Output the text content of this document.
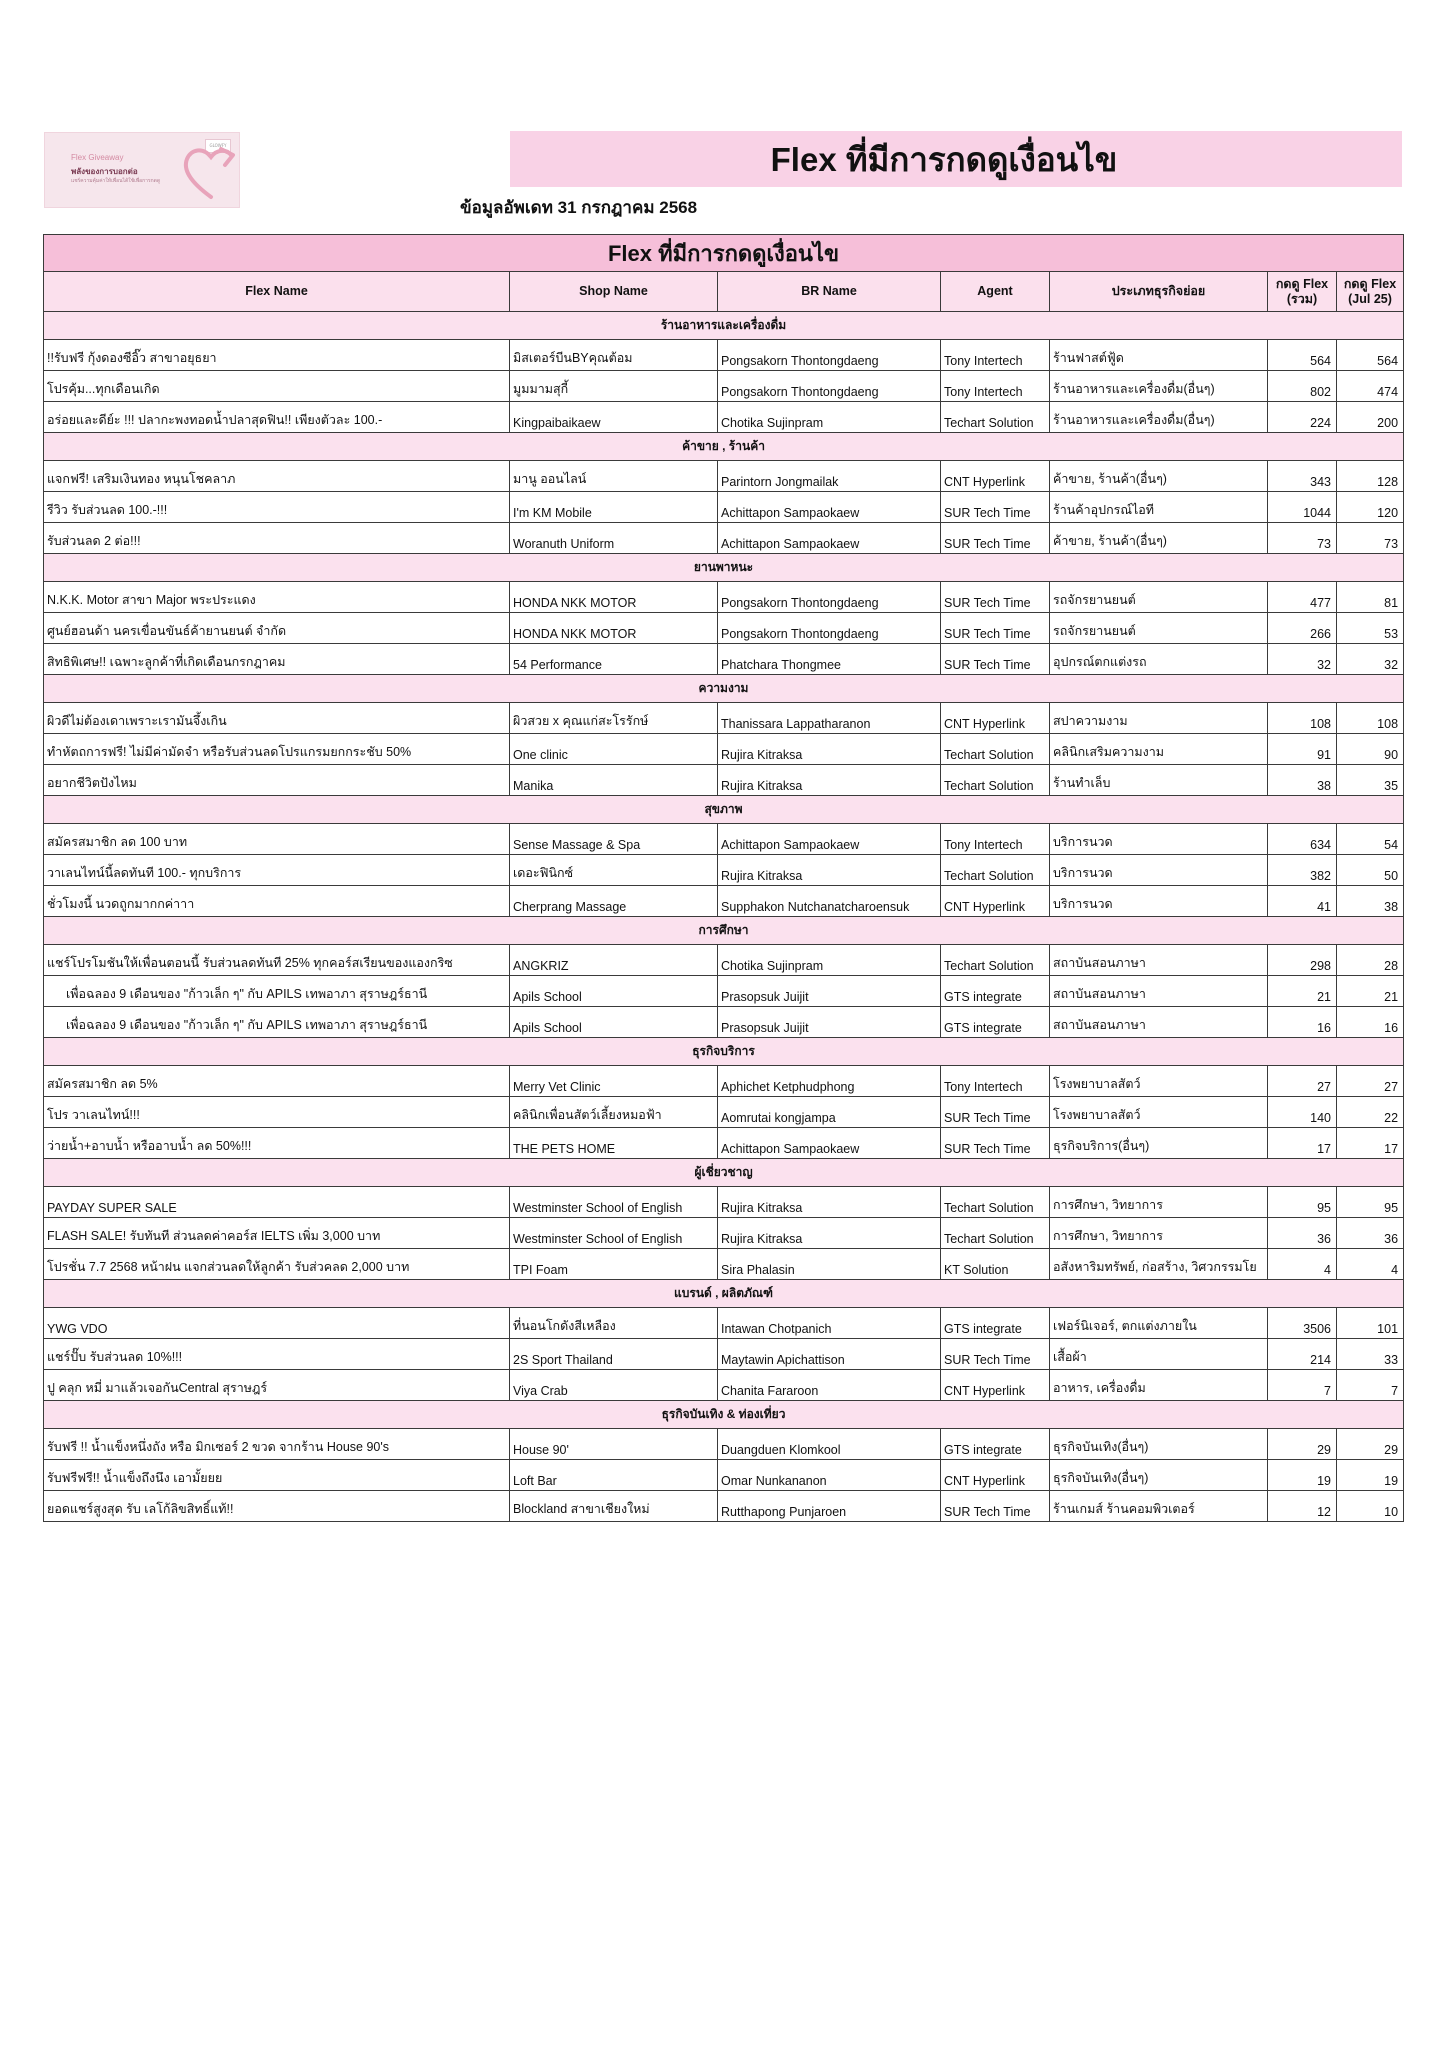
GLOWFY
Flex Giveaway
พลังของการบอกต่อ
แชร์ความคุ้มค่าให้เพื่อนได้ใช้เพื่อการกดดู
Flex ที่มีการกดดูเงื่อนไข
ข้อมูลอัพเดท 31 กรกฎาคม 2568
Flex ที่มีการกดดูเงื่อนไข						
Flex Name	Shop Name	BR Name	Agent	ประเภทธุรกิจย่อย	กดดู Flex (รวม)	กดดู Flex (Jul 25)
ร้านอาหารและเครื่องดื่ม						
!!รับฟรี กุ้งดองซีอิ๊ว สาขาอยุธยา	มิสเตอร์บีนBYคุณต้อม	Pongsakorn Thontongdaeng	Tony Intertech	ร้านฟาสต์ฟู้ด	564	564
โปรคุ้ม...ทุกเดือนเกิด	มูมมามสุกี้	Pongsakorn Thontongdaeng	Tony Intertech	ร้านอาหารและเครื่องดื่ม(อื่นๆ)	802	474
อร่อยและดีย์ะ !!! ปลากะพงทอดน้ำปลาสุดฟิน!! เพียงตัวละ 100.-	Kingpaibaikaew	Chotika Sujinpram	Techart Solution	ร้านอาหารและเครื่องดื่ม(อื่นๆ)	224	200
ค้าขาย , ร้านค้า						
แจกฟรี! เสริมเงินทอง หนุนโชคลาภ	มานู ออนไลน์	Parintorn Jongmailak	CNT Hyperlink	ค้าขาย, ร้านค้า(อื่นๆ)	343	128
รีวิว รับส่วนลด 100.-!!!	I'm KM Mobile	Achittapon Sampaokaew	SUR Tech Time	ร้านค้าอุปกรณ์ไอที	1044	120
รับส่วนลด 2 ต่อ!!!	Woranuth Uniform	Achittapon Sampaokaew	SUR Tech Time	ค้าขาย, ร้านค้า(อื่นๆ)	73	73
ยานพาหนะ						
N.K.K. Motor สาขา Major พระประแดง	HONDA NKK MOTOR	Pongsakorn Thontongdaeng	SUR Tech Time	รถจักรยานยนต์	477	81
ศูนย์ฮอนด้า นครเขื่อนขันธ์ค้ายานยนต์ จำกัด	HONDA NKK MOTOR	Pongsakorn Thontongdaeng	SUR Tech Time	รถจักรยานยนต์	266	53
สิทธิพิเศษ!! เฉพาะลูกค้าที่เกิดเดือนกรกฎาคม	54 Performance	Phatchara Thongmee	SUR Tech Time	อุปกรณ์ตกแต่งรถ	32	32
ความงาม						
ผิวดีไม่ต้องเดาเพราะเรามันจึ้งเกิน	ผิวสวย x คุณแก่สะโรรักษ์	Thanissara Lappatharanon	CNT Hyperlink	สปาความงาม	108	108
ทำหัตถการฟรี! ไม่มีค่ามัดจำ หรือรับส่วนลดโปรแกรมยกกระชับ 50%	One clinic	Rujira Kitraksa	Techart Solution	คลินิกเสริมความงาม	91	90
อยากชีวิตปังไหม	Manika	Rujira Kitraksa	Techart Solution	ร้านทำเล็บ	38	35
สุขภาพ						
สมัครสมาชิก ลด 100 บาท	Sense Massage & Spa	Achittapon Sampaokaew	Tony Intertech	บริการนวด	634	54
วาเลนไทน์นี้ลดทันที 100.- ทุกบริการ	เดอะฟินิกซ์	Rujira Kitraksa	Techart Solution	บริการนวด	382	50
ชั่วโมงนี้ นวดถูกมากกค่าาา	Cherprang Massage	Supphakon Nutchanatcharoensuk	CNT Hyperlink	บริการนวด	41	38
การศึกษา						
แชร์โปรโมชันให้เพื่อนตอนนี้ รับส่วนลดทันที 25% ทุกคอร์สเรียนของแองกริซ	ANGKRIZ	Chotika Sujinpram	Techart Solution	สถาบันสอนภาษา	298	28
เพื่อฉลอง 9 เดือนของ "ก้าวเล็ก ๆ" กับ APILS เทพอาภา สุราษฎร์ธานี	Apils School	Prasopsuk Juijit	GTS integrate	สถาบันสอนภาษา	21	21
เพื่อฉลอง 9 เดือนของ "ก้าวเล็ก ๆ" กับ APILS เทพอาภา สุราษฎร์ธานี	Apils School	Prasopsuk Juijit	GTS integrate	สถาบันสอนภาษา	16	16
ธุรกิจบริการ						
สมัครสมาชิก ลด 5%	Merry Vet Clinic	Aphichet Ketphudphong	Tony Intertech	โรงพยาบาลสัตว์	27	27
โปร วาเลนไทน์!!!	คลินิกเพื่อนสัตว์เลี้ยงหมอฟ้า	Aomrutai kongjampa	SUR Tech Time	โรงพยาบาลสัตว์	140	22
ว่ายน้ำ+อาบน้ำ หรืออาบน้ำ ลด 50%!!!	THE PETS HOME	Achittapon Sampaokaew	SUR Tech Time	ธุรกิจบริการ(อื่นๆ)	17	17
ผู้เชี่ยวชาญ						
PAYDAY SUPER SALE	Westminster School of English	Rujira Kitraksa	Techart Solution	การศึกษา, วิทยาการ	95	95
FLASH SALE! รับทันที ส่วนลดค่าคอร์ส IELTS เพิ่ม 3,000 บาท	Westminster School of English	Rujira Kitraksa	Techart Solution	การศึกษา, วิทยาการ	36	36
โปรชั่น 7.7 2568 หน้าฝน แจกส่วนลดให้ลูกค้า รับส่วคลด 2,000 บาท	TPI Foam	Sira Phalasin	KT Solution	อสังหาริมทรัพย์, ก่อสร้าง, วิศวกรรมโย	4	4
แบรนด์ , ผลิตภัณฑ์						
YWG VDO	ที่นอนโกดังสีเหลือง	Intawan Chotpanich	GTS integrate	เฟอร์นิเจอร์, ตกแต่งภายใน	3506	101
แชร์ปั๊บ รับส่วนลด 10%!!!	2S Sport Thailand	Maytawin Apichattison	SUR Tech Time	เสื้อผ้า	214	33
ปู คลุก หมี่ มาแล้วเจอกันCentral สุราษฎร์	Viya Crab	Chanita Fararoon	CNT Hyperlink	อาหาร, เครื่องดื่ม	7	7
ธุรกิจบันเทิง & ท่องเที่ยว						
รับฟรี !! น้ำแข็งหนึ่งถัง หรือ มิกเซอร์ 2 ขวด จากร้าน House 90's	House 90'	Duangduen Klomkool	GTS integrate	ธุรกิจบันเทิง(อื่นๆ)	29	29
รับฟรีฟรี!! น้ำแข็งถึงนึง เอามั้ยยย	Loft Bar	Omar Nunkananon	CNT Hyperlink	ธุรกิจบันเทิง(อื่นๆ)	19	19
ยอดแชร์สูงสุด รับ เลโก้ลิขสิทธิ์แท้!!	Blockland สาขาเชียงใหม่	Rutthapong Punjaroen	SUR Tech Time	ร้านเกมส์ ร้านคอมพิวเตอร์	12	10
